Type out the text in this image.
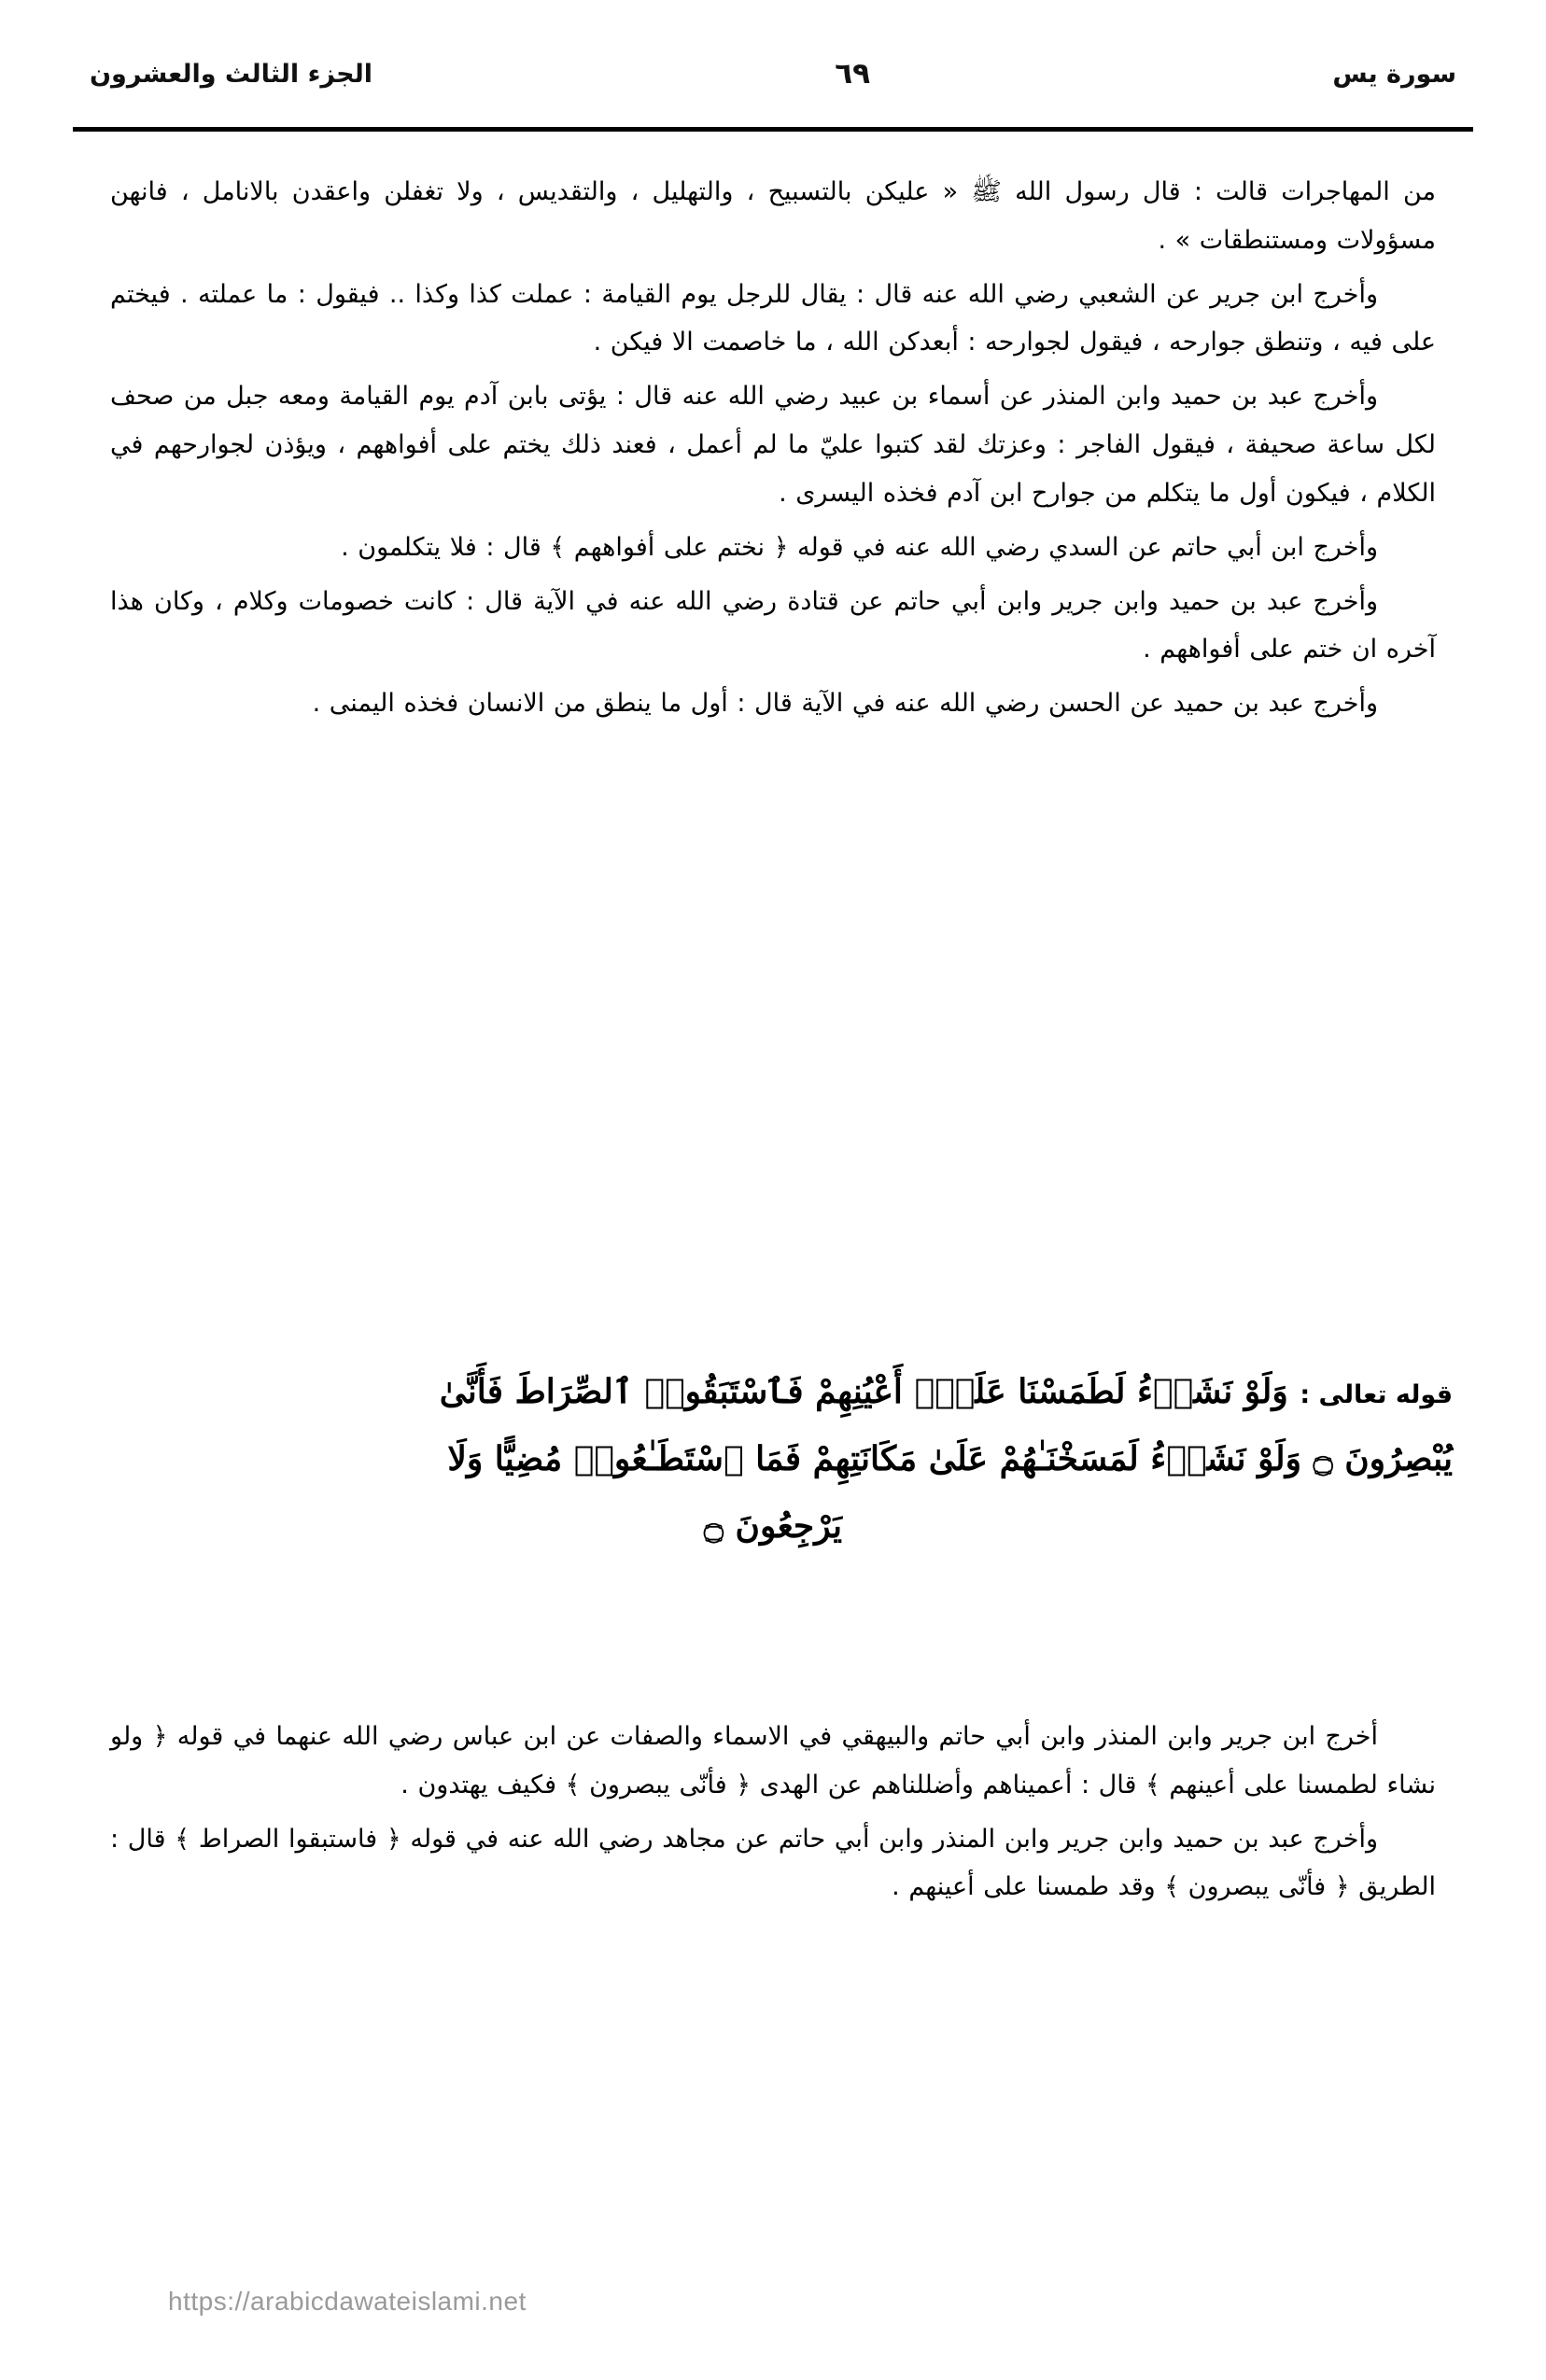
سورة يس
٦٩
الجزء الثالث والعشرون

من المهاجرات قالت : قال رسول الله ﷺ « عليكن بالتسبيح ، والتهليل ، والتقديس ، ولا تغفلن واعقدن بالانامل ، فانهن مسؤولات ومستنطقات » .

وأخرج ابن جرير عن الشعبي رضي الله عنه قال : يقال للرجل يوم القيامة : عملت كذا وكذا .. فيقول : ما عملته . فيختم على فيه ، وتنطق جوارحه ، فيقول لجوارحه : أبعدكن الله ، ما خاصمت الا فيكن .

وأخرج عبد بن حميد وابن المنذر عن أسماء بن عبيد رضي الله عنه قال : يؤتى بابن آدم يوم القيامة ومعه جبل من صحف لكل ساعة صحيفة ، فيقول الفاجر : وعزتك لقد كتبوا عليّ ما لم أعمل ، فعند ذلك يختم على أفواههم ، ويؤذن لجوارحهم في الكلام ، فيكون أول ما يتكلم من جوارح ابن آدم فخذه اليسرى .

وأخرج ابن أبي حاتم عن السدي رضي الله عنه في قوله ﴿ نختم على أفواههم ﴾ قال : فلا يتكلمون .

وأخرج عبد بن حميد وابن جرير وابن أبي حاتم عن قتادة رضي الله عنه في الآية قال : كانت خصومات وكلام ، وكان هذا آخره ان ختم على أفواههم .

وأخرج عبد بن حميد عن الحسن رضي الله عنه في الآية قال : أول ما ينطق من الانسان فخذه اليمنى .

قوله تعالى : وَلَوْ نَشَاۤءُ لَطَمَسْنَا عَلَىٰۤ أَعْيُنِهِمْ فَٱسْتَبَقُوا۟ ٱلصِّرَاطَ فَأَنَّىٰ
يُبْصِرُونَ ۝ وَلَوْ نَشَاۤءُ لَمَسَخْنَـٰهُمْ عَلَىٰ مَكَانَتِهِمْ فَمَا ٱسْتَطَـٰعُوا۟ مُضِيًّا وَلَا
يَرْجِعُونَ ۝

أخرج ابن جرير وابن المنذر وابن أبي حاتم والبيهقي في الاسماء والصفات عن ابن عباس رضي الله عنهما في قوله ﴿ ولو نشاء لطمسنا على أعينهم ﴾ قال : أعميناهم وأضللناهم عن الهدى ﴿ فأنّى يبصرون ﴾ فكيف يهتدون .

وأخرج عبد بن حميد وابن جرير وابن المنذر وابن أبي حاتم عن مجاهد رضي الله عنه في قوله ﴿ فاستبقوا الصراط ﴾ قال : الطريق ﴿ فأنّى يبصرون ﴾ وقد طمسنا على أعينهم .

https://arabicdawateislami.net
